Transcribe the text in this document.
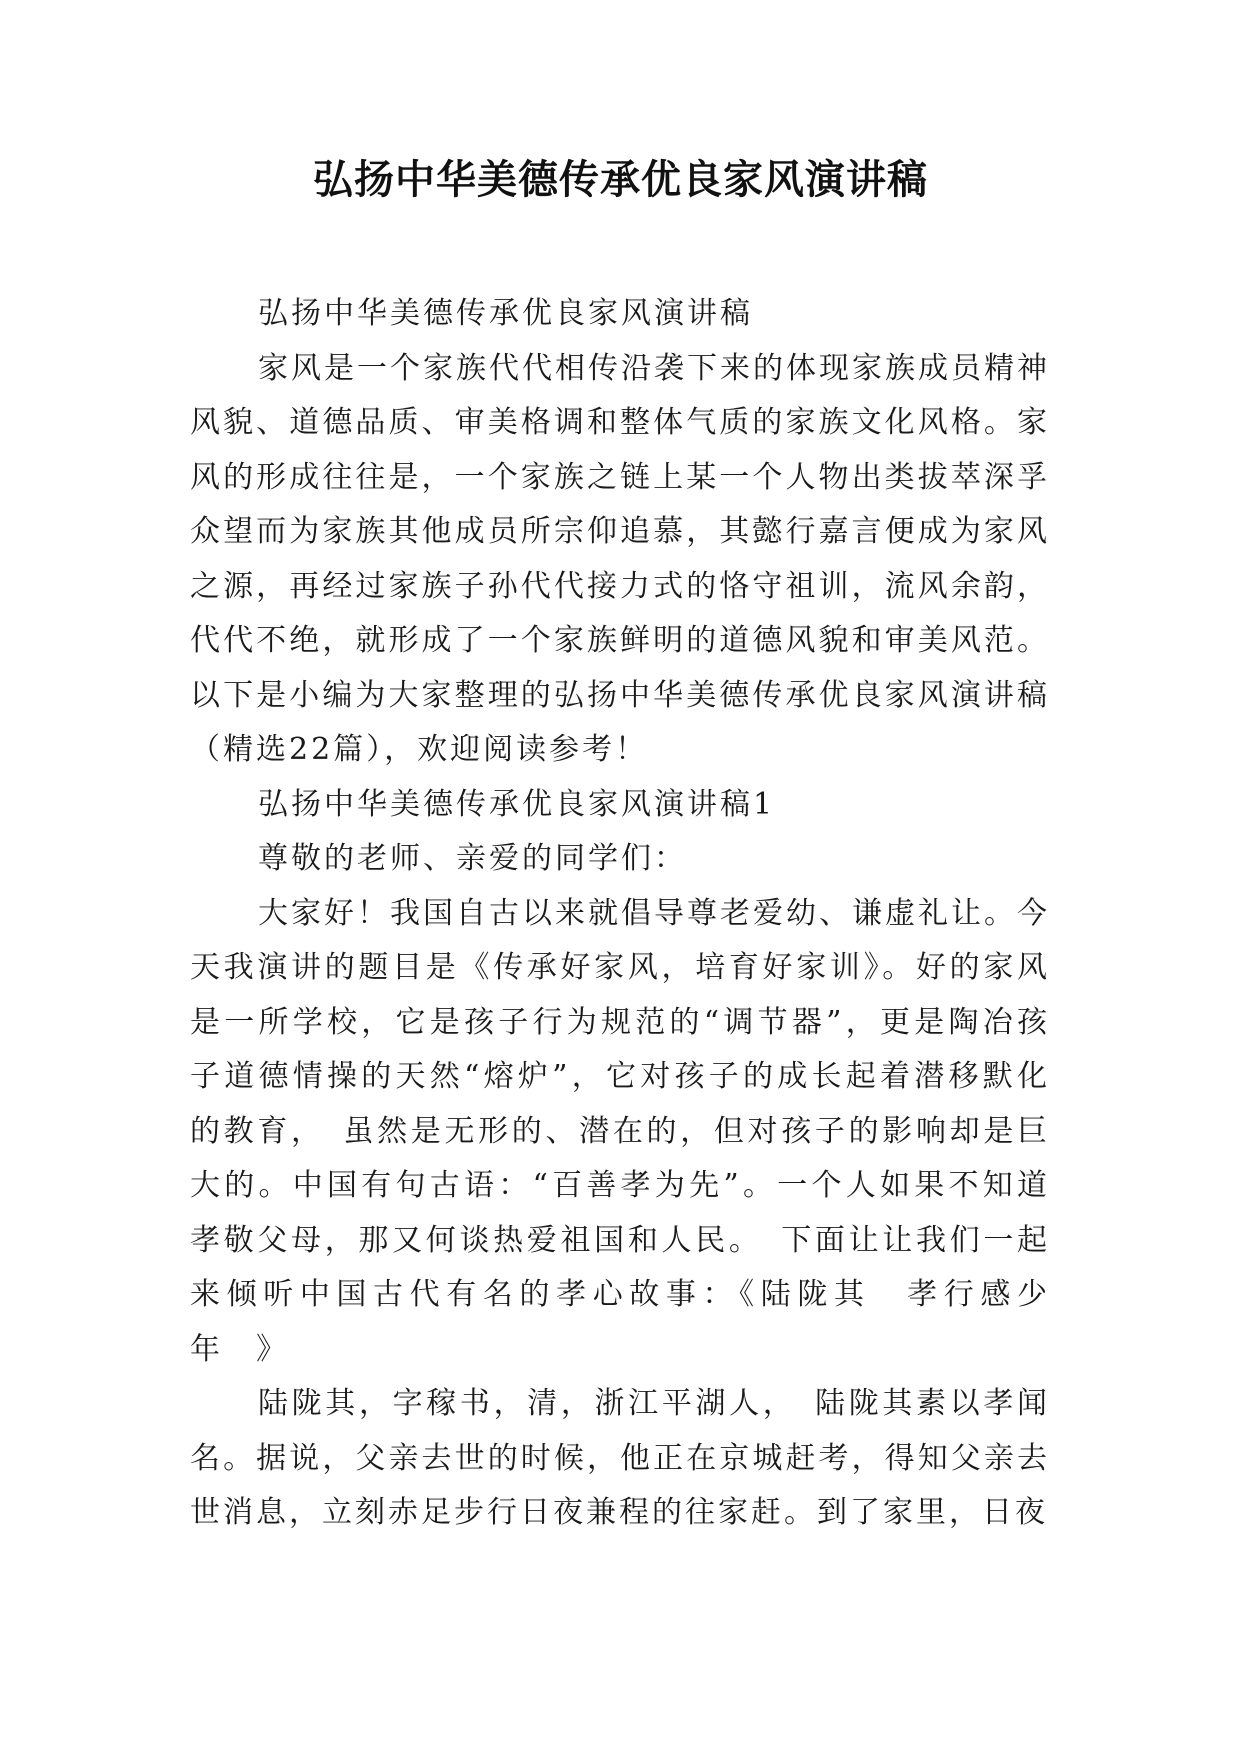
弘扬中华美德传承优良家风演讲稿

弘扬中华美德传承优良家风演讲稿

家风是一个家族代代相传沿袭下来的体现家族成员精神风貌、道德品质、审美格调和整体气质的家族文化风格。家风的形成往往是，一个家族之链上某一个人物出类拔萃深孚众望而为家族其他成员所宗仰追慕，其懿行嘉言便成为家风之源，再经过家族子孙代代接力式的恪守祖训，流风余韵，代代不绝，就形成了一个家族鲜明的道德风貌和审美风范。以下是小编为大家整理的弘扬中华美德传承优良家风演讲稿（精选22篇），欢迎阅读参考！

弘扬中华美德传承优良家风演讲稿1

尊敬的老师、亲爱的同学们：

大家好！我国自古以来就倡导尊老爱幼、谦虚礼让。今天我演讲的题目是《传承好家风，培育好家训》。好的家风是一所学校，它是孩子行为规范的“调节器”，更是陶冶孩子道德情操的天然“熔炉”，它对孩子的成长起着潜移默化的教育，　虽然是无形的、潜在的，但对孩子的影响却是巨大的。中国有句古语：“百善孝为先”。一个人如果不知道孝敬父母，那又何谈热爱祖国和人民。　下面让让我们一起来倾听中国古代有名的孝心故事：《陆陇其　孝行感少年　》

陆陇其，字稼书，清，浙江平湖人，　陆陇其素以孝闻名。据说，父亲去世的时候，他正在京城赶考，得知父亲去世消息，立刻赤足步行日夜兼程的往家赶。到了家里，日夜
